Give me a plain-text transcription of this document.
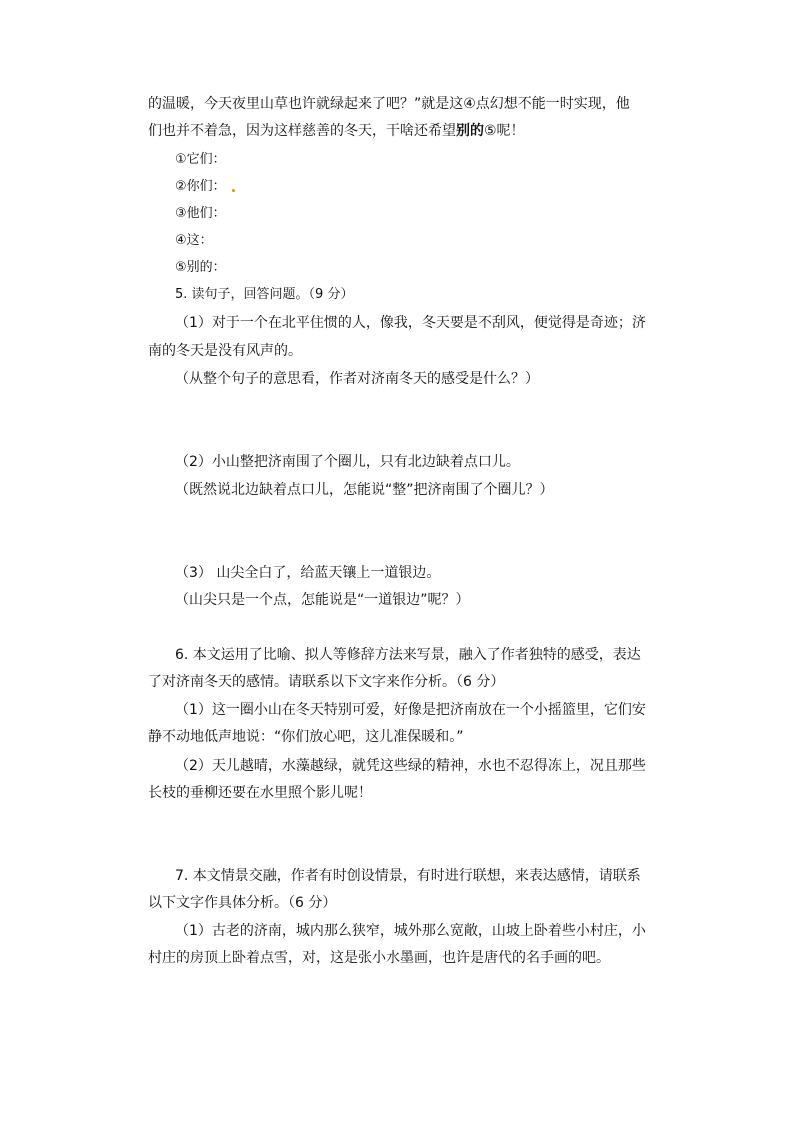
的温暖，今天夜里山草也许就绿起来了吧？”就是这④点幻想不能一时实现，他
们也并不着急，因为这样慈善的冬天，干啥还希望别的⑤呢！
①它们：
②你们：
③他们：
④这：
⑤别的：
5. 读句子，回答问题。（9 分）
（1）对于一个在北平住惯的人，像我，冬天要是不刮风，便觉得是奇迹；济
南的冬天是没有风声的。
（从整个句子的意思看，作者对济南冬天的感受是什么？）
（2）小山整把济南围了个圈儿，只有北边缺着点口儿。
（既然说北边缺着点口儿，怎能说“整”把济南围了个圈儿？）
（3） 山尖全白了，给蓝天镶上一道银边。
（山尖只是一个点，怎能说是“一道银边”呢？）
6. 本文运用了比喻、拟人等修辞方法来写景，融入了作者独特的感受，表达
了对济南冬天的感情。请联系以下文字来作分析。（6 分）
（1）这一圈小山在冬天特别可爱，好像是把济南放在一个小摇篮里，它们安
静不动地低声地说：“你们放心吧，这儿准保暖和。”
（2）天儿越晴，水藻越绿，就凭这些绿的精神，水也不忍得冻上，况且那些
长枝的垂柳还要在水里照个影儿呢！
7. 本文情景交融，作者有时创设情景，有时进行联想，来表达感情，请联系
以下文字作具体分析。（6 分）
（1）古老的济南，城内那么狭窄，城外那么宽敞，山坡上卧着些小村庄，小
村庄的房顶上卧着点雪，对，这是张小水墨画，也许是唐代的名手画的吧。
